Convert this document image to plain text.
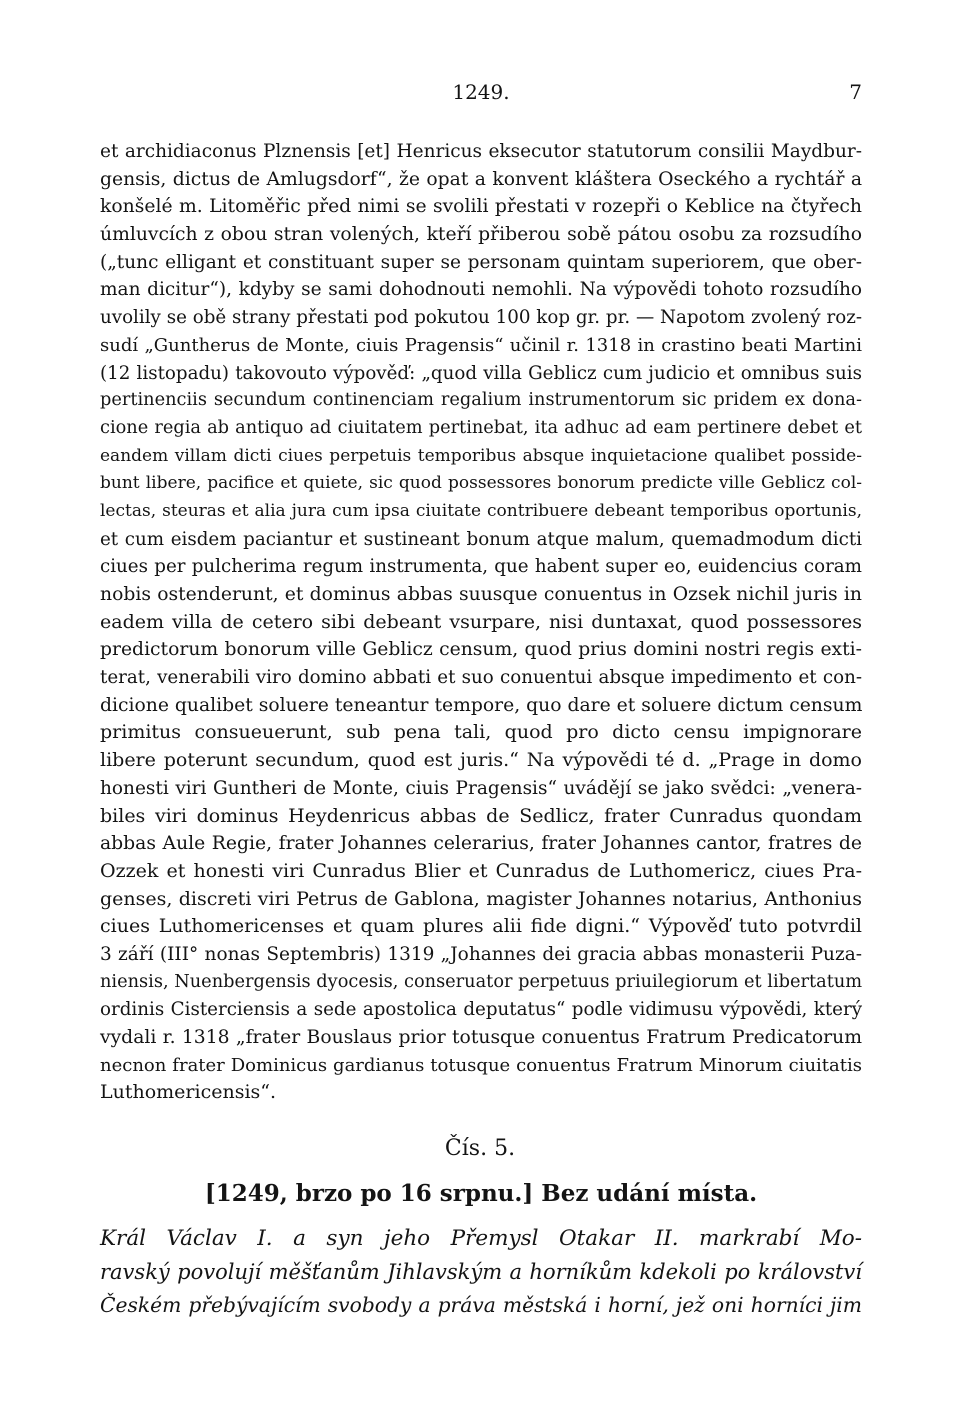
1249.	7
et archidiaconus Plznensis [et] Henricus eksecutor statutorum consilii Maydbur-
gensis, dictus de Amlugsdorf“, že opat a konvent kláštera Oseckého a rychtář a
konšelé m. Litoměřic před nimi se svolili přestati v rozepři o Keblice na čtyřech
úmluvcích z obou stran volených, kteří přiberou sobě pátou osobu za rozsudího
(„tunc elligant et constituant super se personam quintam superiorem, que ober-
man dicitur“), kdyby se sami dohodnouti nemohli. Na výpovědi tohoto rozsudího
uvolily se obě strany přestati pod pokutou 100 kop gr. pr. — Napotom zvolený roz-
sudí „Guntherus de Monte, ciuis Pragensis“ učinil r. 1318 in crastino beati Martini
(12 listopadu) takovouto výpověď: „quod villa Geblicz cum judicio et omnibus suis
pertinenciis secundum continenciam regalium instrumentorum sic pridem ex dona-
cione regia ab antiquo ad ciuitatem pertinebat, ita adhuc ad eam pertinere debet et
eandem villam dicti ciues perpetuis temporibus absque inquietacione qualibet posside-
bunt libere, pacifice et quiete, sic quod possessores bonorum predicte ville Geblicz col-
lectas, steuras et alia jura cum ipsa ciuitate contribuere debeant temporibus oportunis,
et cum eisdem paciantur et sustineant bonum atque malum, quemadmodum dicti
ciues per pulcherima regum instrumenta, que habent super eo, euidencius coram
nobis ostenderunt, et dominus abbas suusque conuentus in Ozsek nichil juris in
eadem villa de cetero sibi debeant vsurpare, nisi duntaxat, quod possessores
predictorum bonorum ville Geblicz censum, quod prius domini nostri regis exti-
terat, venerabili viro domino abbati et suo conuentui absque impedimento et con-
dicione qualibet soluere teneantur tempore, quo dare et soluere dictum censum
primitus consueuerunt, sub pena tali, quod pro dicto censu impignorare
libere poterunt secundum, quod est juris.“ Na výpovědi té d. „Prage in domo
honesti viri Guntheri de Monte, ciuis Pragensis“ uvádějí se jako svědci: „venera-
biles viri dominus Heydenricus abbas de Sedlicz, frater Cunradus quondam
abbas Aule Regie, frater Johannes celerarius, frater Johannes cantor, fratres de
Ozzek et honesti viri Cunradus Blier et Cunradus de Luthomericz, ciues Pra-
genses, discreti viri Petrus de Gablona, magister Johannes notarius, Anthonius
ciues Luthomericenses et quam plures alii fide digni.“ Výpověď tuto potvrdil
3 září (III° nonas Septembris) 1319 „Johannes dei gracia abbas monasterii Puza-
niensis, Nuenbergensis dyocesis, conseruator perpetuus priuilegiorum et libertatum
ordinis Cisterciensis a sede apostolica deputatus“ podle vidimusu výpovědi, který
vydali r. 1318 „frater Bouslaus prior totusque conuentus Fratrum Predicatorum
necnon frater Dominicus gardianus totusque conuentus Fratrum Minorum ciuitatis
Luthomericensis“.
Čís. 5.
[1249, brzo po 16 srpnu.] Bez udání místa.
Král Václav I. a syn jeho Přemysl Otakar II. markrabí Mo-
ravský povolují měšťanům Jihlavským a horníkům kdekoli po království
Českém přebývajícím svobody a práva městská i horní, jež oni horníci jim
